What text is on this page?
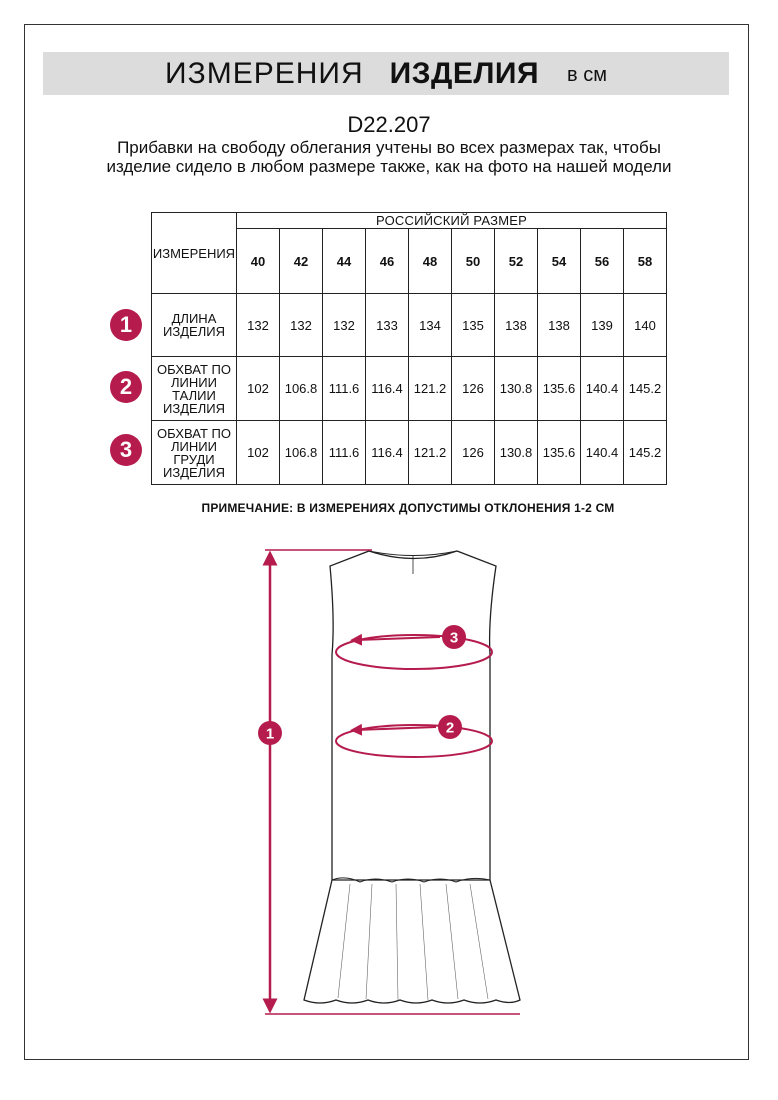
ИЗМЕРЕНИЯ ИЗДЕЛИЯ в см
D22.207
Прибавки на свободу облегания учтены во всех размерах так, чтобы изделие сидело в любом размере также, как на фото на нашей модели
ИЗМЕРЕНИЯ	РОССИЙСКИЙ РАЗМЕР									
	40	42	44	46	48	50	52	54	56	58
ДЛИНА ИЗДЕЛИЯ	132	132	132	133	134	135	138	138	139	140
ОБХВАТ ПО ЛИНИИ ТАЛИИ ИЗДЕЛИЯ	102	106.8	111.6	116.4	121.2	126	130.8	135.6	140.4	145.2
ОБХВАТ ПО ЛИНИИ ГРУДИ ИЗДЕЛИЯ	102	106.8	111.6	116.4	121.2	126	130.8	135.6	140.4	145.2
1
2
3
ПРИМЕЧАНИЕ: В ИЗМЕРЕНИЯХ ДОПУСТИМЫ ОТКЛОНЕНИЯ 1-2 СМ
1	2
3
